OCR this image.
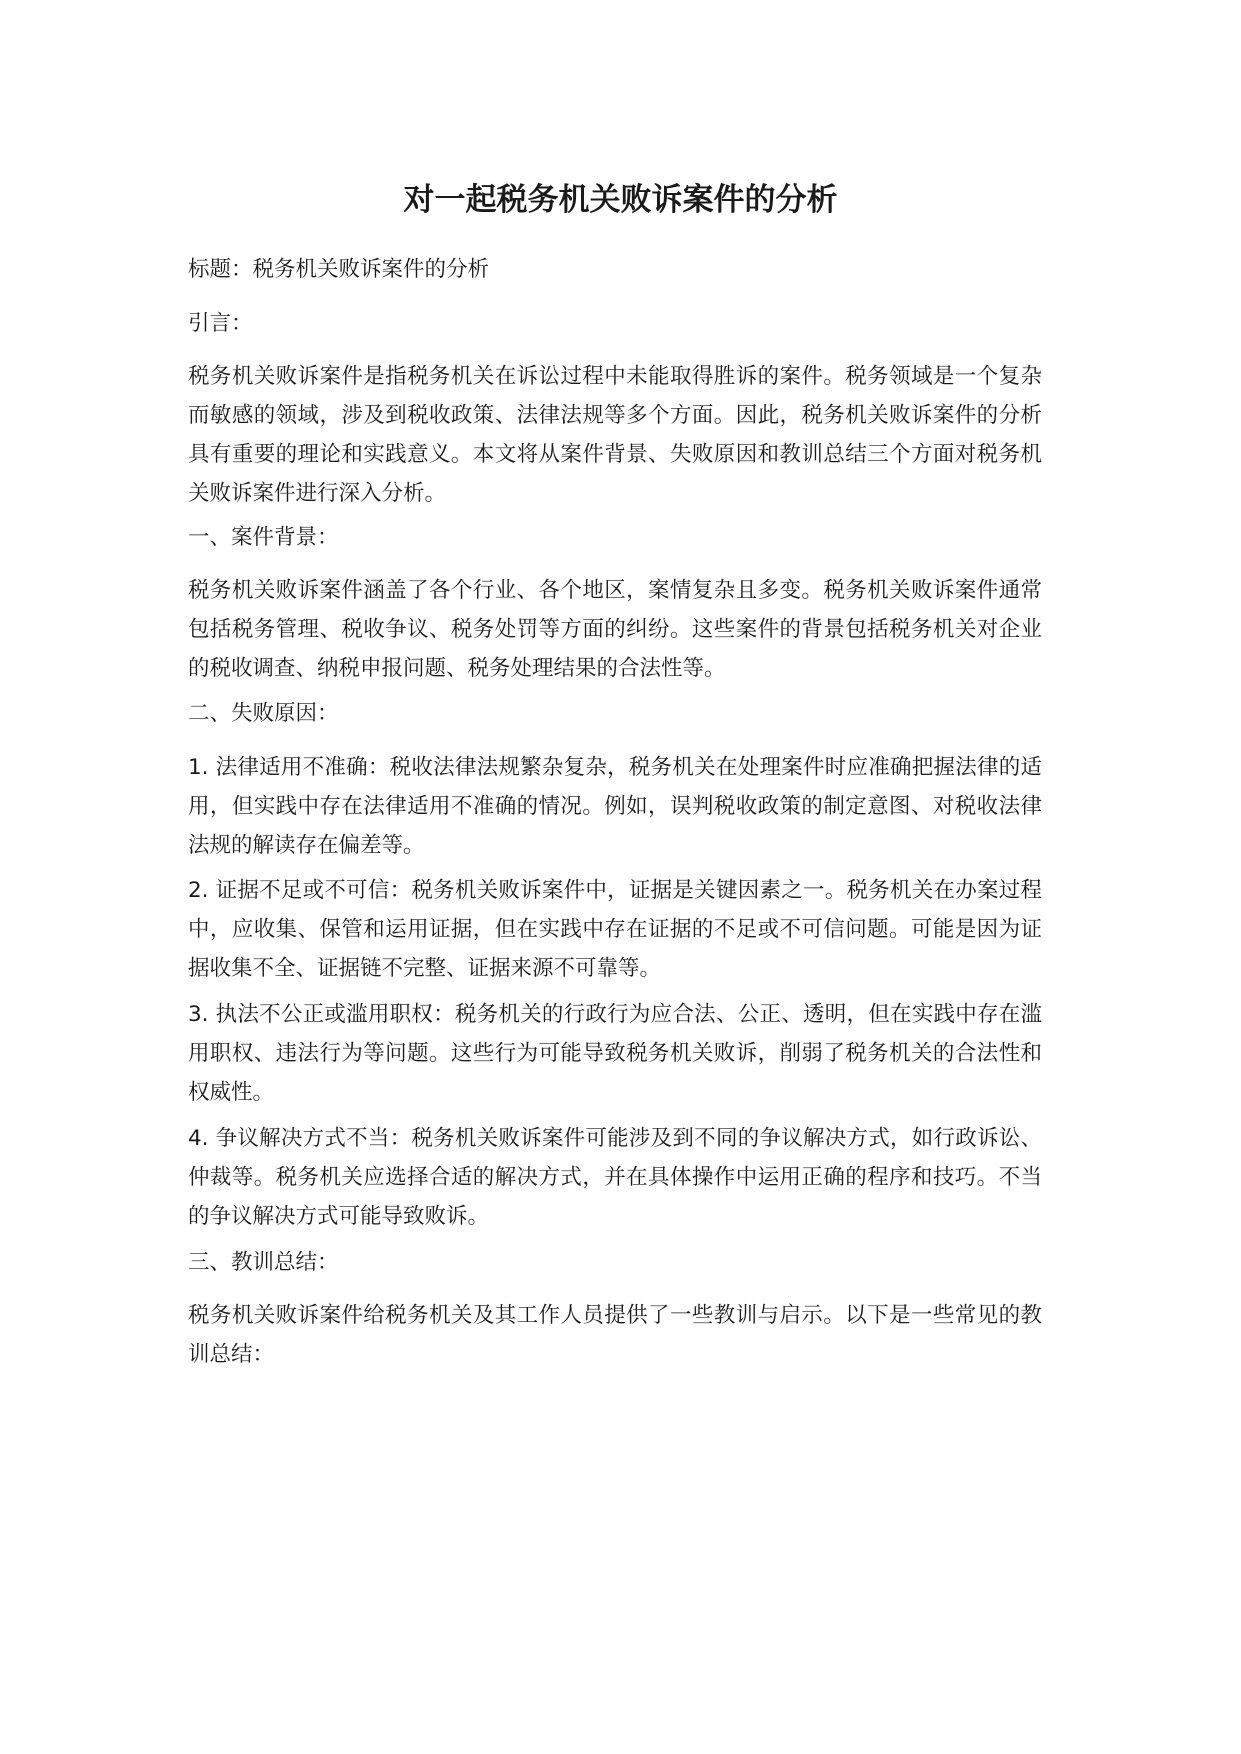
对一起税务机关败诉案件的分析

标题：税务机关败诉案件的分析

引言：

税务机关败诉案件是指税务机关在诉讼过程中未能取得胜诉的案件。税务领域是一个复杂而敏感的领域，涉及到税收政策、法律法规等多个方面。因此，税务机关败诉案件的分析具有重要的理论和实践意义。本文将从案件背景、失败原因和教训总结三个方面对税务机关败诉案件进行深入分析。

一、案件背景：

税务机关败诉案件涵盖了各个行业、各个地区，案情复杂且多变。税务机关败诉案件通常包括税务管理、税收争议、税务处罚等方面的纠纷。这些案件的背景包括税务机关对企业的税收调查、纳税申报问题、税务处理结果的合法性等。

二、失败原因：

1. 法律适用不准确：税收法律法规繁杂复杂，税务机关在处理案件时应准确把握法律的适用，但实践中存在法律适用不准确的情况。例如，误判税收政策的制定意图、对税收法律法规的解读存在偏差等。

2. 证据不足或不可信：税务机关败诉案件中，证据是关键因素之一。税务机关在办案过程中，应收集、保管和运用证据，但在实践中存在证据的不足或不可信问题。可能是因为证据收集不全、证据链不完整、证据来源不可靠等。

3. 执法不公正或滥用职权：税务机关的行政行为应合法、公正、透明，但在实践中存在滥用职权、违法行为等问题。这些行为可能导致税务机关败诉，削弱了税务机关的合法性和权威性。

4. 争议解决方式不当：税务机关败诉案件可能涉及到不同的争议解决方式，如行政诉讼、仲裁等。税务机关应选择合适的解决方式，并在具体操作中运用正确的程序和技巧。不当的争议解决方式可能导致败诉。

三、教训总结：

税务机关败诉案件给税务机关及其工作人员提供了一些教训与启示。以下是一些常见的教训总结：
